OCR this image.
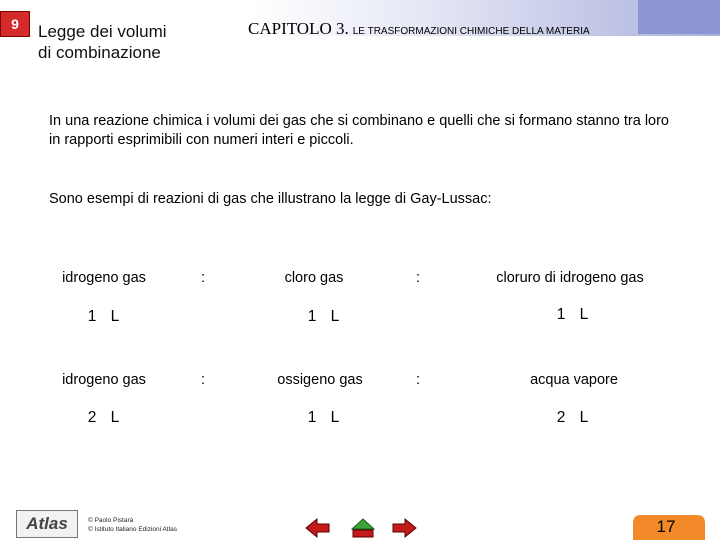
9	Legge dei volumi
di combinazione
CAPITOLO 3. LE TRASFORMAZIONI CHIMICHE DELLA MATERIA
In una reazione chimica i volumi dei gas che si combinano e quelli che si formano stanno tra loro in rapporti esprimibili con numeri interi e piccoli.
Sono esempi di reazioni di gas che illustrano la legge di Gay-Lussac:
idrogeno gas	:	cloro gas	:	cloruro di idrogeno gas
1 L	1 L	1 L
idrogeno gas	:	ossigeno gas	:	acqua vapore
2 L	1 L	2 L
Atlas	© Paolo Pistarà
© Istituto Italiano Edizioni Atlas	17
